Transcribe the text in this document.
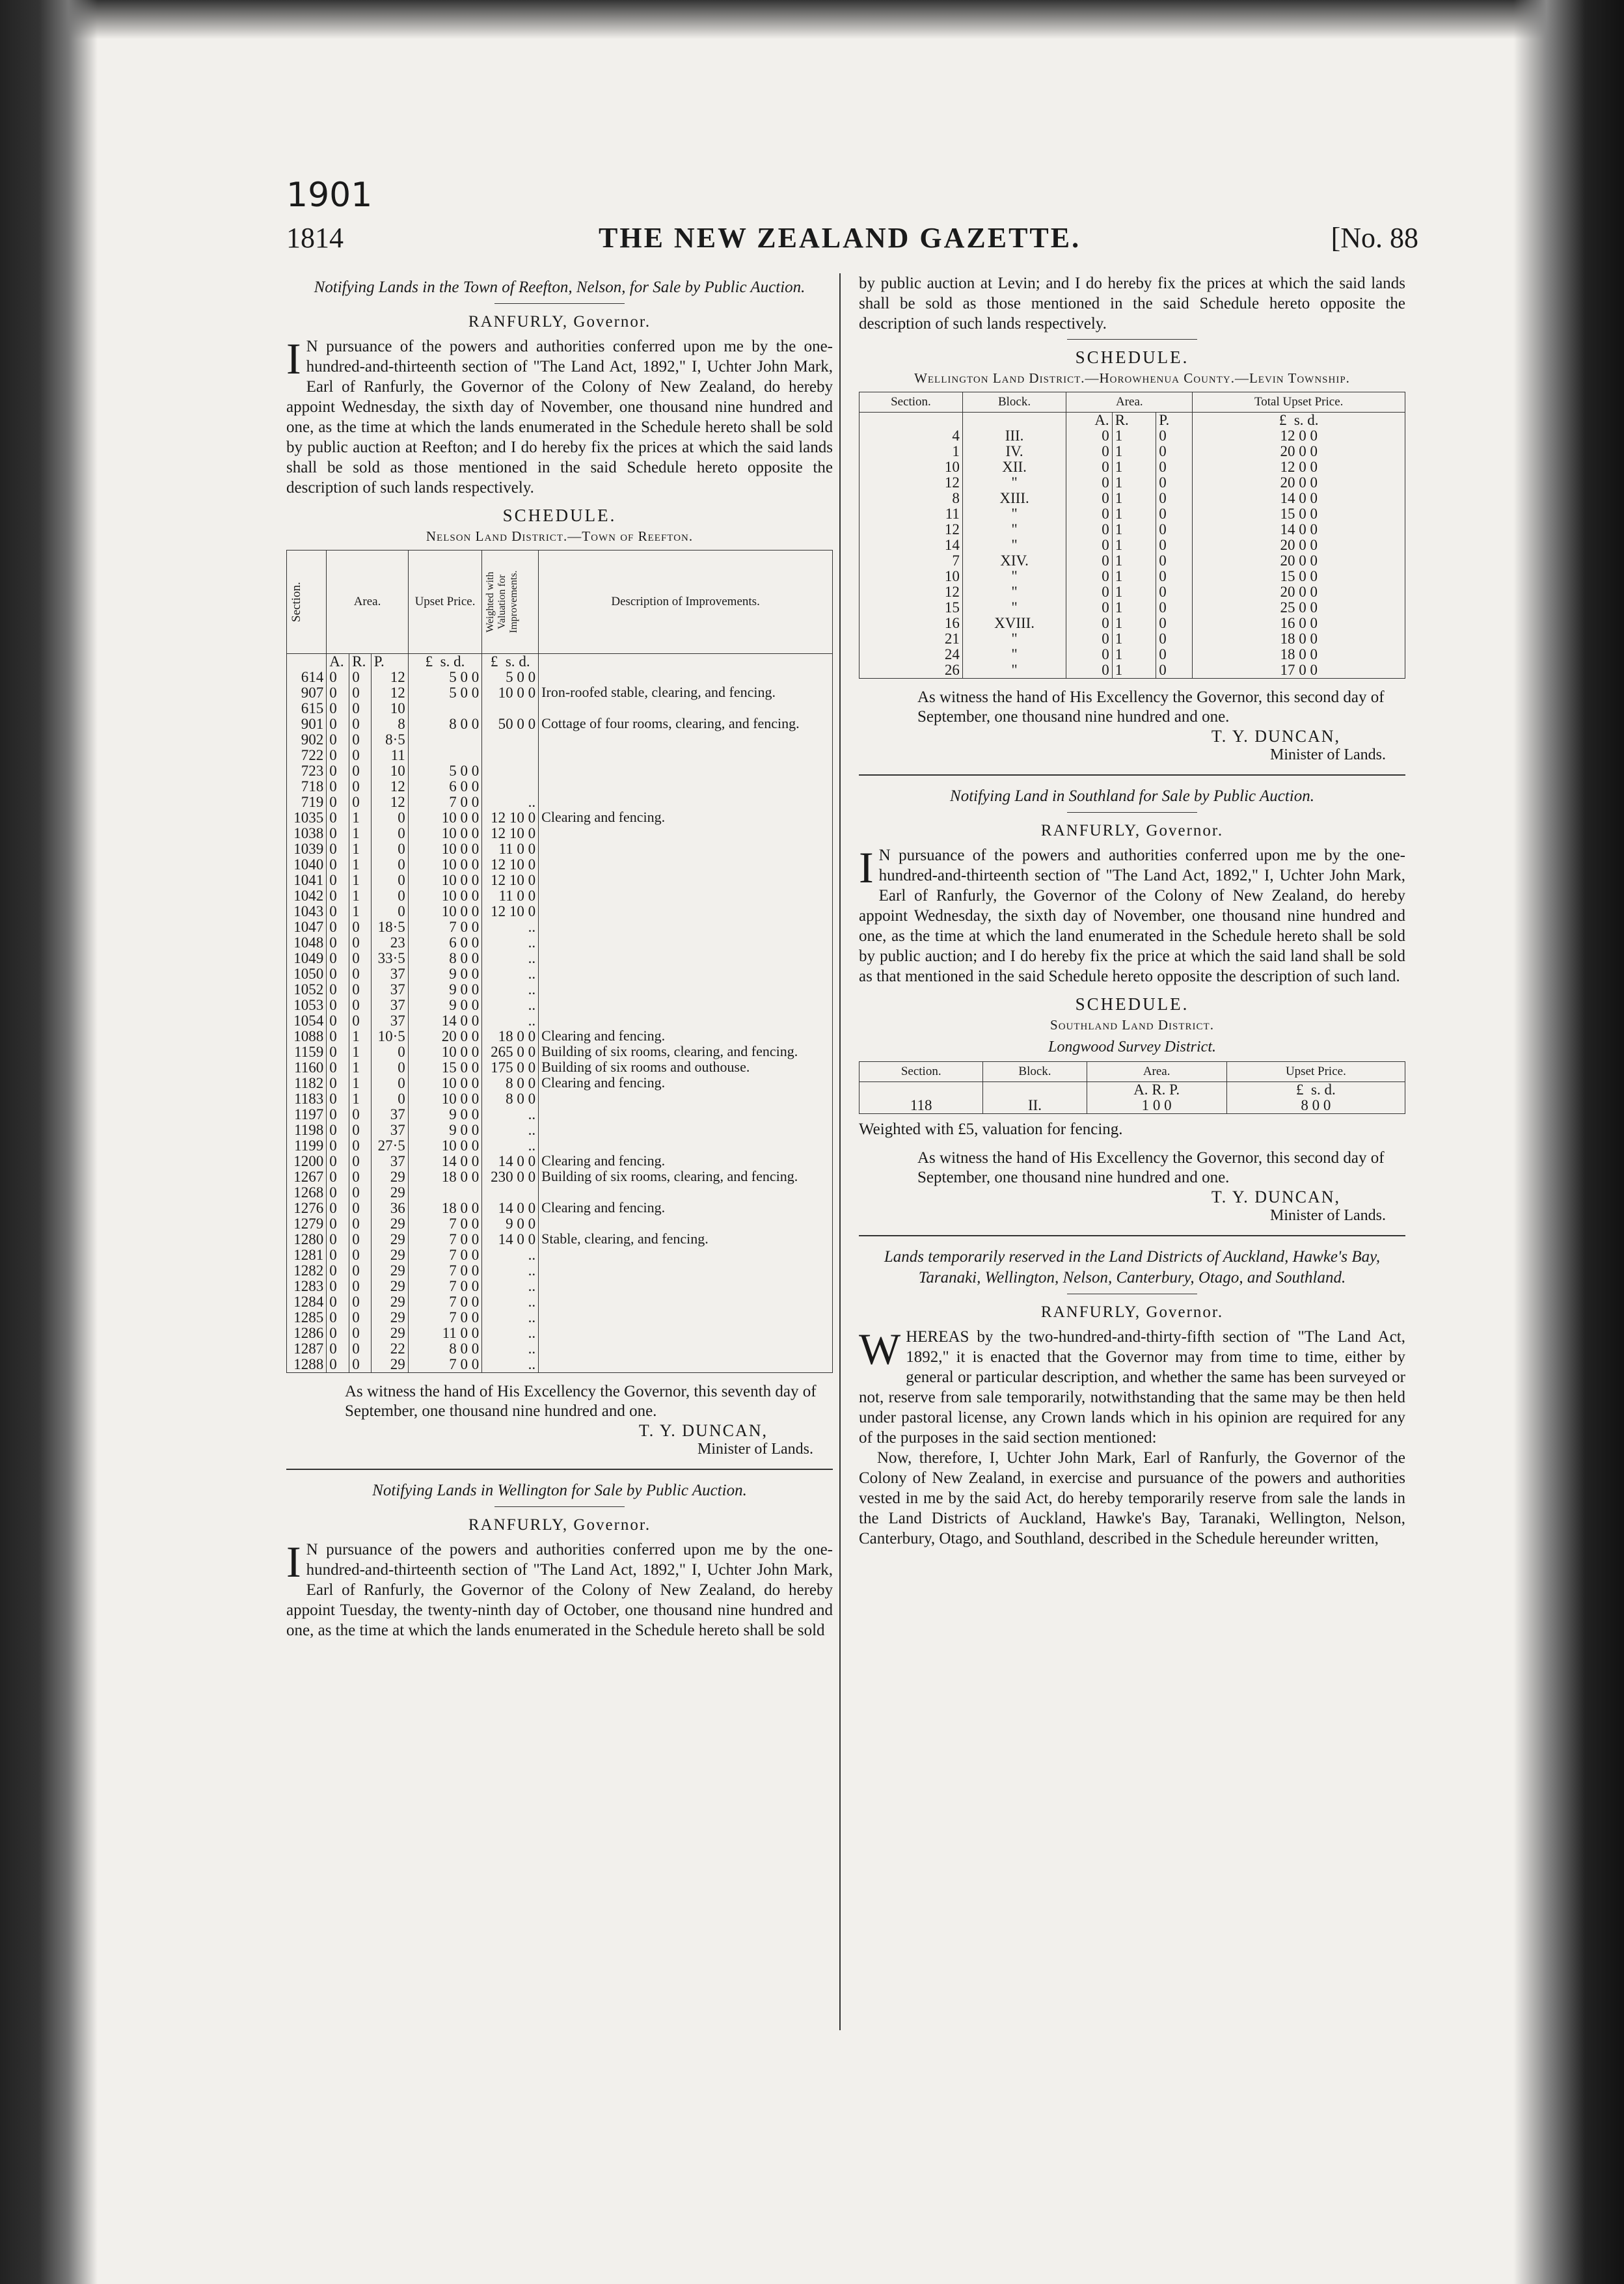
1901
1814	THE NEW ZEALAND GAZETTE.	[No. 88
Notifying Lands in the Town of Reefton, Nelson, for Sale by Public Auction.
RANFURLY, Governor.
I N pursuance of the powers and authorities conferred upon me by the one-hundred-and-thirteenth section of "The Land Act, 1892," I, Uchter John Mark, Earl of Ranfurly, the Governor of the Colony of New Zealand, do hereby appoint Wednesday, the sixth day of November, one thousand nine hundred and one, as the time at which the lands enumerated in the Schedule hereto shall be sold by public auction at Reefton; and I do hereby fix the prices at which the said lands shall be sold as those mentioned in the said Schedule hereto opposite the description of such lands respectively.
SCHEDULE.
Nelson Land District.—Town of Reefton.
Section.	Area.			Upset Price.	Weighted with Valuation for Improvements.	Description of Improvements.
	A.	R.	P.	£ s. d.	£ s. d.	
614	0	0	12	5 0 0	5 0 0	
907	0	0	12	5 0 0	10 0 0	Iron-roofed stable, clearing, and fencing.
615	0	0	10			
901	0	0	8	8 0 0	50 0 0	Cottage of four rooms, clearing, and fencing.
902	0	0	8·5			
722	0	0	11			
723	0	0	10	5 0 0		
718	0	0	12	6 0 0		
719	0	0	12	7 0 0	..	
1035	0	1	0	10 0 0	12 10 0	Clearing and fencing.
1038	0	1	0	10 0 0	12 10 0	
1039	0	1	0	10 0 0	11 0 0	
1040	0	1	0	10 0 0	12 10 0	
1041	0	1	0	10 0 0	12 10 0	
1042	0	1	0	10 0 0	11 0 0	
1043	0	1	0	10 0 0	12 10 0	
1047	0	0	18·5	7 0 0	..	
1048	0	0	23	6 0 0	..	
1049	0	0	33·5	8 0 0	..	
1050	0	0	37	9 0 0	..	
1052	0	0	37	9 0 0	..	
1053	0	0	37	9 0 0	..	
1054	0	0	37	14 0 0	..	
1088	0	1	10·5	20 0 0	18 0 0	Clearing and fencing.
1159	0	1	0	10 0 0	265 0 0	Building of six rooms, clearing, and fencing.
1160	0	1	0	15 0 0	175 0 0	Building of six rooms and outhouse.
1182	0	1	0	10 0 0	8 0 0	Clearing and fencing.
1183	0	1	0	10 0 0	8 0 0	
1197	0	0	37	9 0 0	..	
1198	0	0	37	9 0 0	..	
1199	0	0	27·5	10 0 0	..	
1200	0	0	37	14 0 0	14 0 0	Clearing and fencing.
1267	0	0	29	18 0 0	230 0 0	Building of six rooms, clearing, and fencing.
1268	0	0	29			
1276	0	0	36	18 0 0	14 0 0	Clearing and fencing.
1279	0	0	29	7 0 0	9 0 0	
1280	0	0	29	7 0 0	14 0 0	Stable, clearing, and fencing.
1281	0	0	29	7 0 0	..	
1282	0	0	29	7 0 0	..	
1283	0	0	29	7 0 0	..	
1284	0	0	29	7 0 0	..	
1285	0	0	29	7 0 0	..	
1286	0	0	29	11 0 0	..	
1287	0	0	22	8 0 0	..	
1288	0	0	29	7 0 0	..	
As witness the hand of His Excellency the Governor, this seventh day of September, one thousand nine hundred and one.
T. Y. DUNCAN,
Minister of Lands.
Notifying Lands in Wellington for Sale by Public Auction.
RANFURLY, Governor.
I N pursuance of the powers and authorities conferred upon me by the one-hundred-and-thirteenth section of "The Land Act, 1892," I, Uchter John Mark, Earl of Ranfurly, the Governor of the Colony of New Zealand, do hereby appoint Tuesday, the twenty-ninth day of October, one thousand nine hundred and one, as the time at which the lands enumerated in the Schedule hereto shall be sold
by public auction at Levin; and I do hereby fix the prices at which the said lands shall be sold as those mentioned in the said Schedule hereto opposite the description of such lands respectively.
SCHEDULE.
Wellington Land District.—Horowhenua County.—Levin Township.
Section.	Block.	Area.			Total Upset Price.
		A.	R.	P.	£ s. d.
4	III.	0	1	0	12 0 0
1	IV.	0	1	0	20 0 0
10	XII.	0	1	0	12 0 0
12	"	0	1	0	20 0 0
8	XIII.	0	1	0	14 0 0
11	"	0	1	0	15 0 0
12	"	0	1	0	14 0 0
14	"	0	1	0	20 0 0
7	XIV.	0	1	0	20 0 0
10	"	0	1	0	15 0 0
12	"	0	1	0	20 0 0
15	"	0	1	0	25 0 0
16	XVIII.	0	1	0	16 0 0
21	"	0	1	0	18 0 0
24	"	0	1	0	18 0 0
26	"	0	1	0	17 0 0
As witness the hand of His Excellency the Governor, this second day of September, one thousand nine hundred and one.
T. Y. DUNCAN,
Minister of Lands.
Notifying Land in Southland for Sale by Public Auction.
RANFURLY, Governor.
I N pursuance of the powers and authorities conferred upon me by the one-hundred-and-thirteenth section of "The Land Act, 1892," I, Uchter John Mark, Earl of Ranfurly, the Governor of the Colony of New Zealand, do hereby appoint Wednesday, the sixth day of November, one thousand nine hundred and one, as the time at which the land enumerated in the Schedule hereto shall be sold by public auction; and I do hereby fix the price at which the said land shall be sold as that mentioned in the said Schedule hereto opposite the description of such land.
SCHEDULE.
Southland Land District.
Longwood Survey District.
Section.	Block.	Area.	Upset Price.
		A. R. P.	£ s. d.
118	II.	1 0 0	8 0 0
Weighted with £5, valuation for fencing.
As witness the hand of His Excellency the Governor, this second day of September, one thousand nine hundred and one.
T. Y. DUNCAN,
Minister of Lands.
Lands temporarily reserved in the Land Districts of Auckland, Hawke's Bay, Taranaki, Wellington, Nelson, Canterbury, Otago, and Southland.
RANFURLY, Governor.
W HEREAS by the two-hundred-and-thirty-fifth section of "The Land Act, 1892," it is enacted that the Governor may from time to time, either by general or particular description, and whether the same has been surveyed or not, reserve from sale temporarily, notwithstanding that the same may be then held under pastoral license, any Crown lands which in his opinion are required for any of the purposes in the said section mentioned:
Now, therefore, I, Uchter John Mark, Earl of Ranfurly, the Governor of the Colony of New Zealand, in exercise and pursuance of the powers and authorities vested in me by the said Act, do hereby temporarily reserve from sale the lands in the Land Districts of Auckland, Hawke's Bay, Taranaki, Wellington, Nelson, Canterbury, Otago, and Southland, described in the Schedule hereunder written,
